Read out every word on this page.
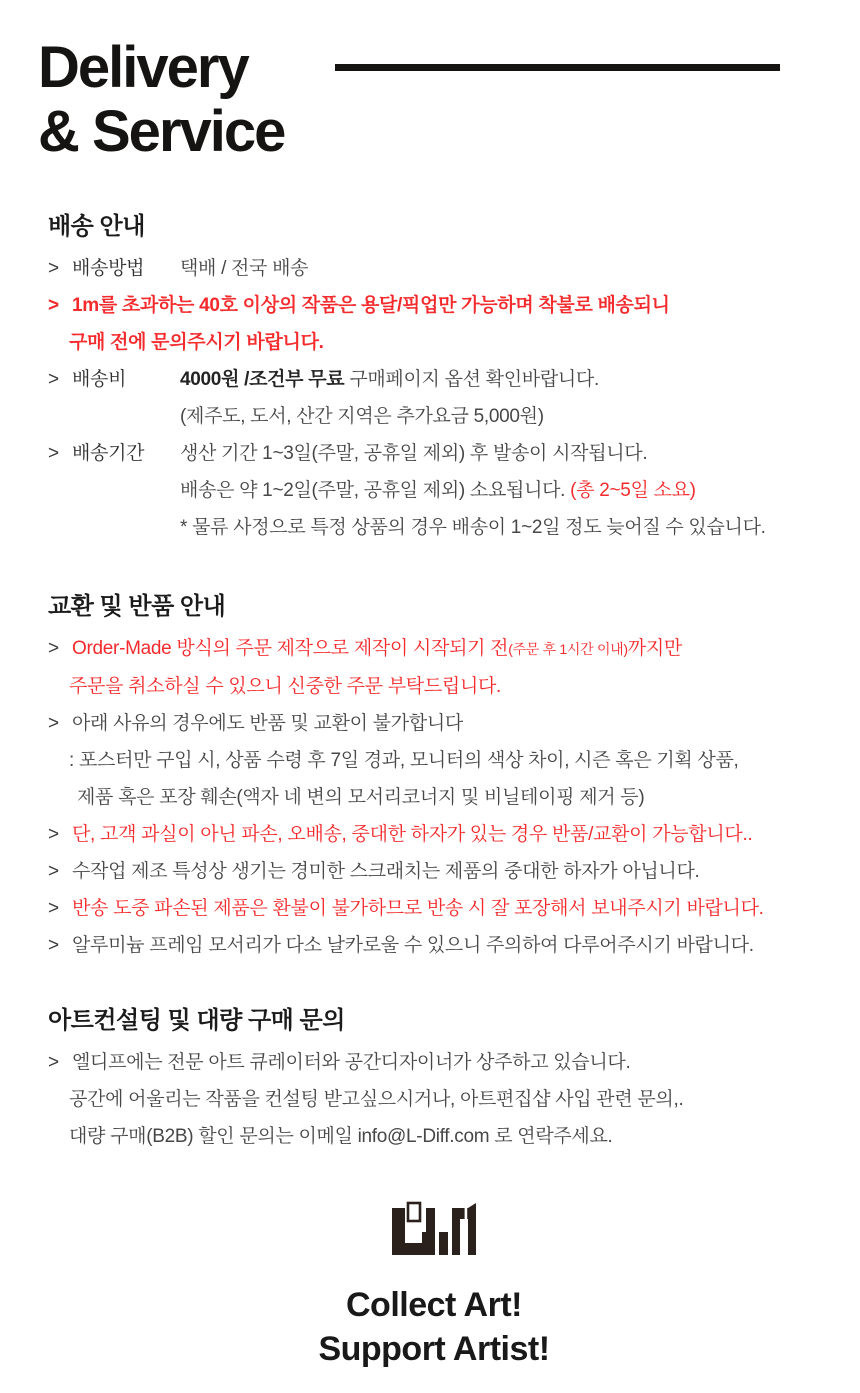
Delivery
& Service
배송 안내
> 배송방법 택배 / 전국 배송
> 1m를 초과하는 40호 이상의 작품은 용달/픽업만 가능하며 착불로 배송되니
구매 전에 문의주시기 바랍니다.
> 배송비	4000원 /조건부 무료 구매페이지 옵션 확인바랍니다.
(제주도, 도서, 산간 지역은 추가요금 5,000원)
> 배송기간 생산 기간 1~3일(주말, 공휴일 제외) 후 발송이 시작됩니다.
배송은 약 1~2일(주말, 공휴일 제외) 소요됩니다. (총 2~5일 소요)
* 물류 사정으로 특정 상품의 경우 배송이 1~2일 정도 늦어질 수 있습니다.
교환 및 반품 안내
> Order-Made 방식의 주문 제작으로 제작이 시작되기 전(주문 후 1시간 이내)까지만
주문을 취소하실 수 있으니 신중한 주문 부탁드립니다.
> 아래 사유의 경우에도 반품 및 교환이 불가합니다
: 포스터만 구입 시, 상품 수령 후 7일 경과, 모니터의 색상 차이, 시즌 혹은 기획 상품,
제품 혹은 포장 훼손(액자 네 변의 모서리코너지 및 비닐테이핑 제거 등)
> 단, 고객 과실이 아닌 파손, 오배송, 중대한 하자가 있는 경우 반품/교환이 가능합니다..
> 수작업 제조 특성상 생기는 경미한 스크래치는 제품의 중대한 하자가 아닙니다.
> 반송 도중 파손된 제품은 환불이 불가하므로 반송 시 잘 포장해서 보내주시기 바랍니다.
> 알루미늄 프레임 모서리가 다소 날카로울 수 있으니 주의하여 다루어주시기 바랍니다.
아트컨설팅 및 대량 구매 문의
> 엘디프에는 전문 아트 큐레이터와 공간디자이너가 상주하고 있습니다.
공간에 어울리는 작품을 컨설팅 받고싶으시거나, 아트편집샵 사입 관련 문의,.
대량 구매(B2B) 할인 문의는 이메일 info@L-Diff.com 로 연락주세요.
Collect Art!
Support Artist!
